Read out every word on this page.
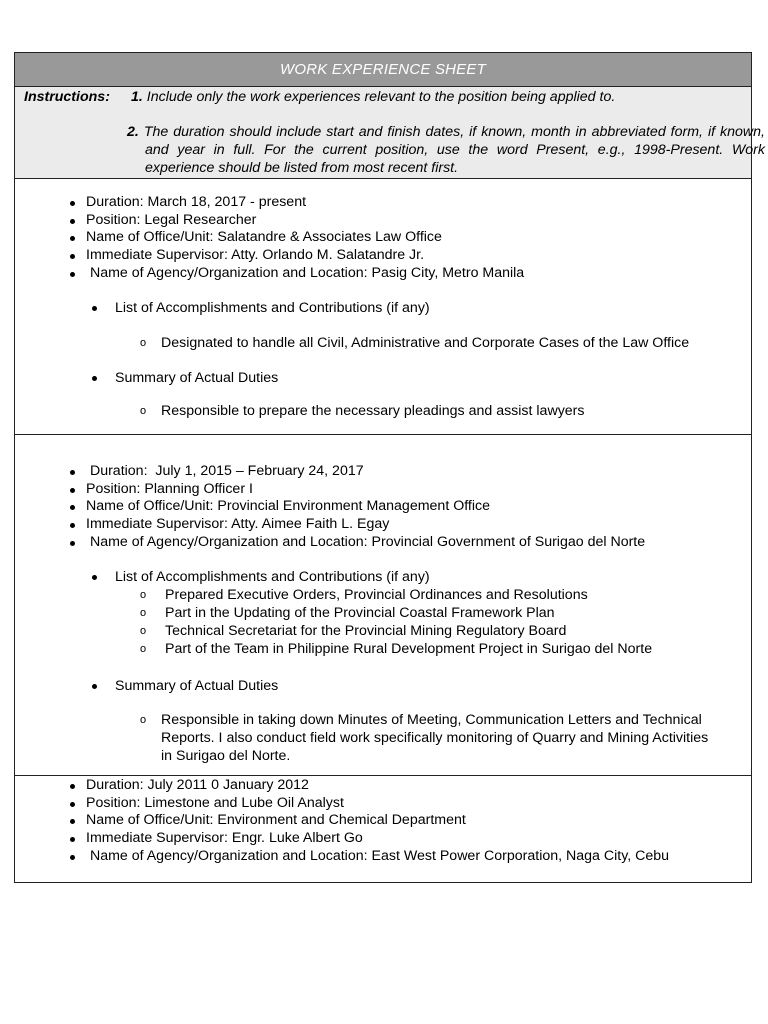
WORK EXPERIENCE SHEET
Instructions: 1. Include only the work experiences relevant to the position being applied to.
2. The duration should include start and finish dates, if known, month in abbreviated form, if known, and year in full. For the current position, use the word Present, e.g., 1998-Present. Work experience should be listed from most recent first.
Duration: March 18, 2017 - present
Position: Legal Researcher
Name of Office/Unit: Salatandre & Associates Law Office
Immediate Supervisor: Atty. Orlando M. Salatandre Jr.
Name of Agency/Organization and Location: Pasig City, Metro Manila
List of Accomplishments and Contributions (if any)
o Designated to handle all Civil, Administrative and Corporate Cases of the Law Office
Summary of Actual Duties
o Responsible to prepare the necessary pleadings and assist lawyers
Duration:  July 1, 2015 – February 24, 2017
Position: Planning Officer I
Name of Office/Unit: Provincial Environment Management Office
Immediate Supervisor: Atty. Aimee Faith L. Egay
Name of Agency/Organization and Location: Provincial Government of Surigao del Norte
List of Accomplishments and Contributions (if any)
o Prepared Executive Orders, Provincial Ordinances and Resolutions
o Part in the Updating of the Provincial Coastal Framework Plan
o Technical Secretariat for the Provincial Mining Regulatory Board
o Part of the Team in Philippine Rural Development Project in Surigao del Norte
Summary of Actual Duties
o Responsible in taking down Minutes of Meeting, Communication Letters and Technical Reports. I also conduct field work specifically monitoring of Quarry and Mining Activities in Surigao del Norte.
Duration: July 2011 0 January 2012
Position: Limestone and Lube Oil Analyst
Name of Office/Unit: Environment and Chemical Department
Immediate Supervisor: Engr. Luke Albert Go
Name of Agency/Organization and Location: East West Power Corporation, Naga City, Cebu
